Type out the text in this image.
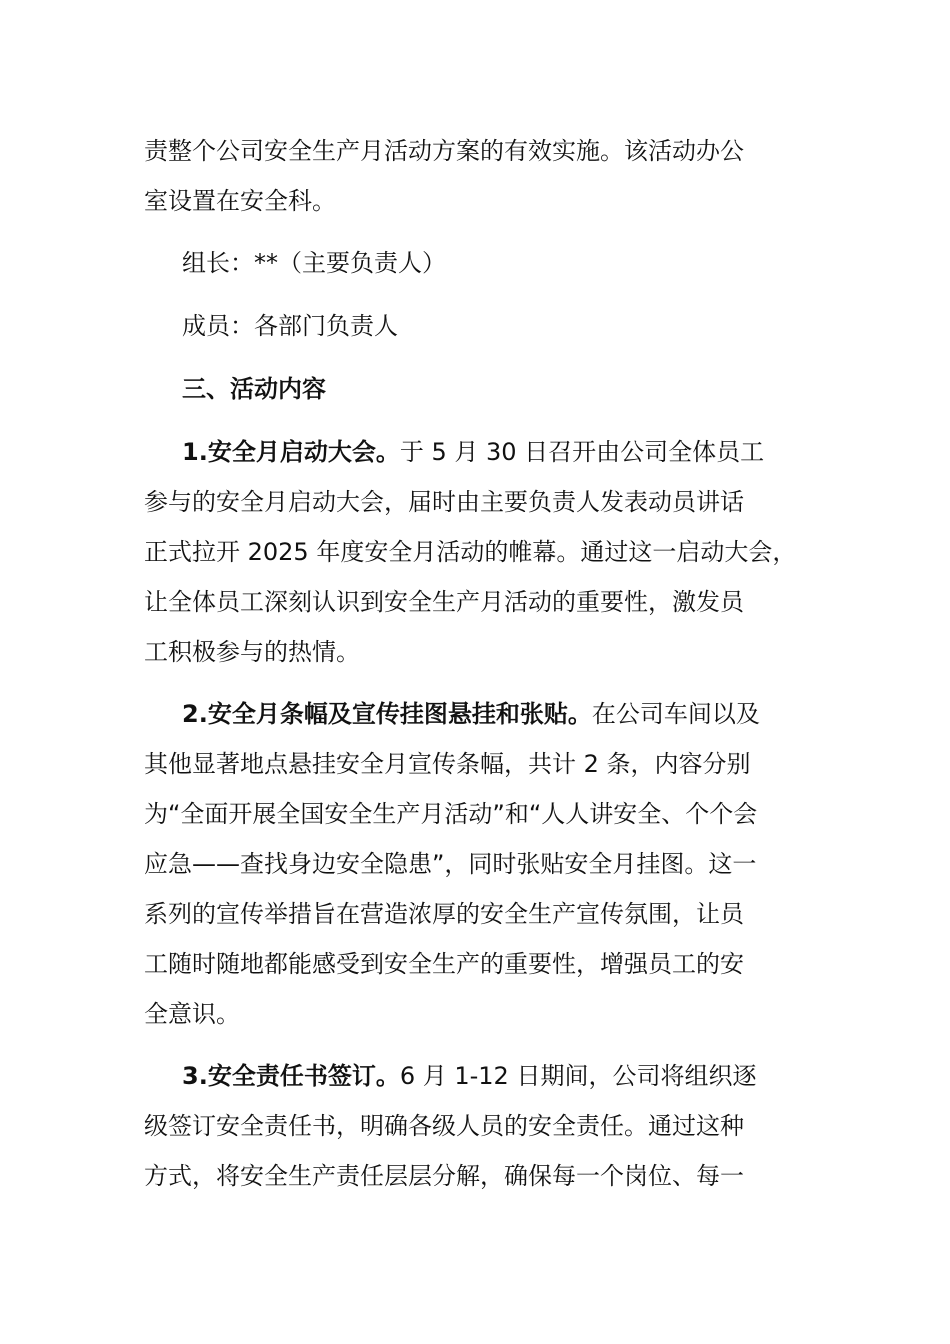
责整个公司安全生产月活动方案的有效实施。该活动办公
室设置在安全科。
组长：**（主要负责人）
成员：各部门负责人
三、活动内容
1.安全月启动大会。于 5 月 30 日召开由公司全体员工
参与的安全月启动大会，届时由主要负责人发表动员讲话
正式拉开 2025 年度安全月活动的帷幕。通过这一启动大会，
让全体员工深刻认识到安全生产月活动的重要性，激发员
工积极参与的热情。
2.安全月条幅及宣传挂图悬挂和张贴。在公司车间以及
其他显著地点悬挂安全月宣传条幅，共计 2 条，内容分别
为“全面开展全国安全生产月活动”和“人人讲安全、个个会
应急——查找身边安全隐患”，同时张贴安全月挂图。这一
系列的宣传举措旨在营造浓厚的安全生产宣传氛围，让员
工随时随地都能感受到安全生产的重要性，增强员工的安
全意识。
3.安全责任书签订。6 月 1-12 日期间，公司将组织逐
级签订安全责任书，明确各级人员的安全责任。通过这种
方式，将安全生产责任层层分解，确保每一个岗位、每一
